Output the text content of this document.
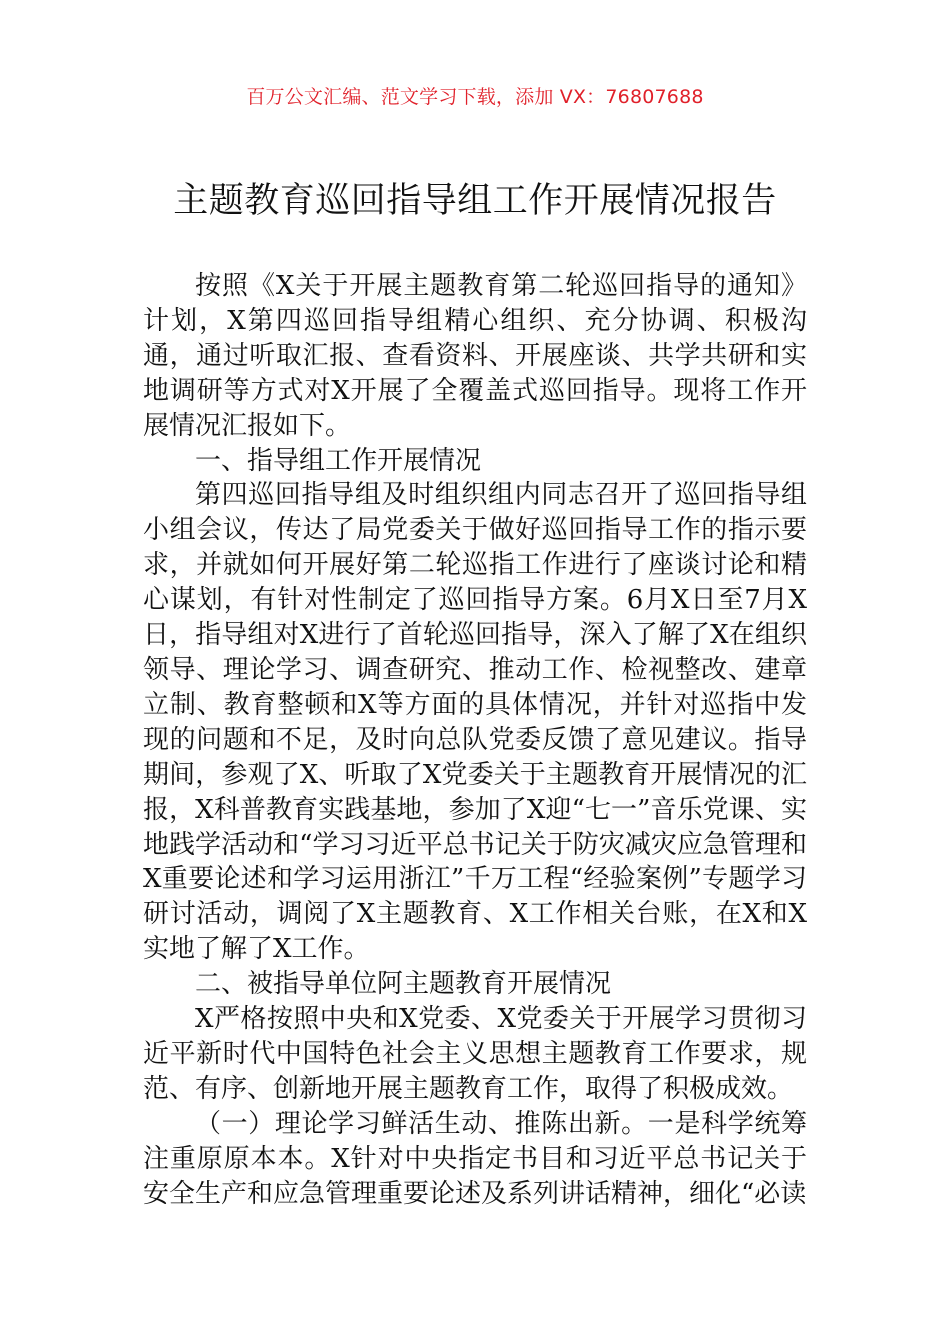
百万公文汇编、范文学习下载，添加 VX：76807688
主题教育巡回指导组工作开展情况报告

按照《X关于开展主题教育第二轮巡回指导的通知》计划，X第四巡回指导组精心组织、充分协调、积极沟通，通过听取汇报、查看资料、开展座谈、共学共研和实地调研等方式对X开展了全覆盖式巡回指导。现将工作开展情况汇报如下。

一、指导组工作开展情况

第四巡回指导组及时组织组内同志召开了巡回指导组小组会议，传达了局党委关于做好巡回指导工作的指示要求，并就如何开展好第二轮巡指工作进行了座谈讨论和精心谋划，有针对性制定了巡回指导方案。6月X日至7月X日，指导组对X进行了首轮巡回指导，深入了解了X在组织领导、理论学习、调查研究、推动工作、检视整改、建章立制、教育整顿和X等方面的具体情况，并针对巡指中发现的问题和不足，及时向总队党委反馈了意见建议。指导期间，参观了X、听取了X党委关于主题教育开展情况的汇报，X科普教育实践基地，参加了X迎“七一”音乐党课、实地践学活动和“学习习近平总书记关于防灾减灾应急管理和X重要论述和学习运用浙江”千万工程“经验案例”专题学习研讨活动，调阅了X主题教育、X工作相关台账，在X和X实地了解了X工作。

二、被指导单位阿主题教育开展情况

X严格按照中央和X党委、X党委关于开展学习贯彻习近平新时代中国特色社会主义思想主题教育工作要求，规范、有序、创新地开展主题教育工作，取得了积极成效。

（一）理论学习鲜活生动、推陈出新。一是科学统筹注重原原本本。X针对中央指定书目和习近平总书记关于安全生产和应急管理重要论述及系列讲话精神，细化“必读
